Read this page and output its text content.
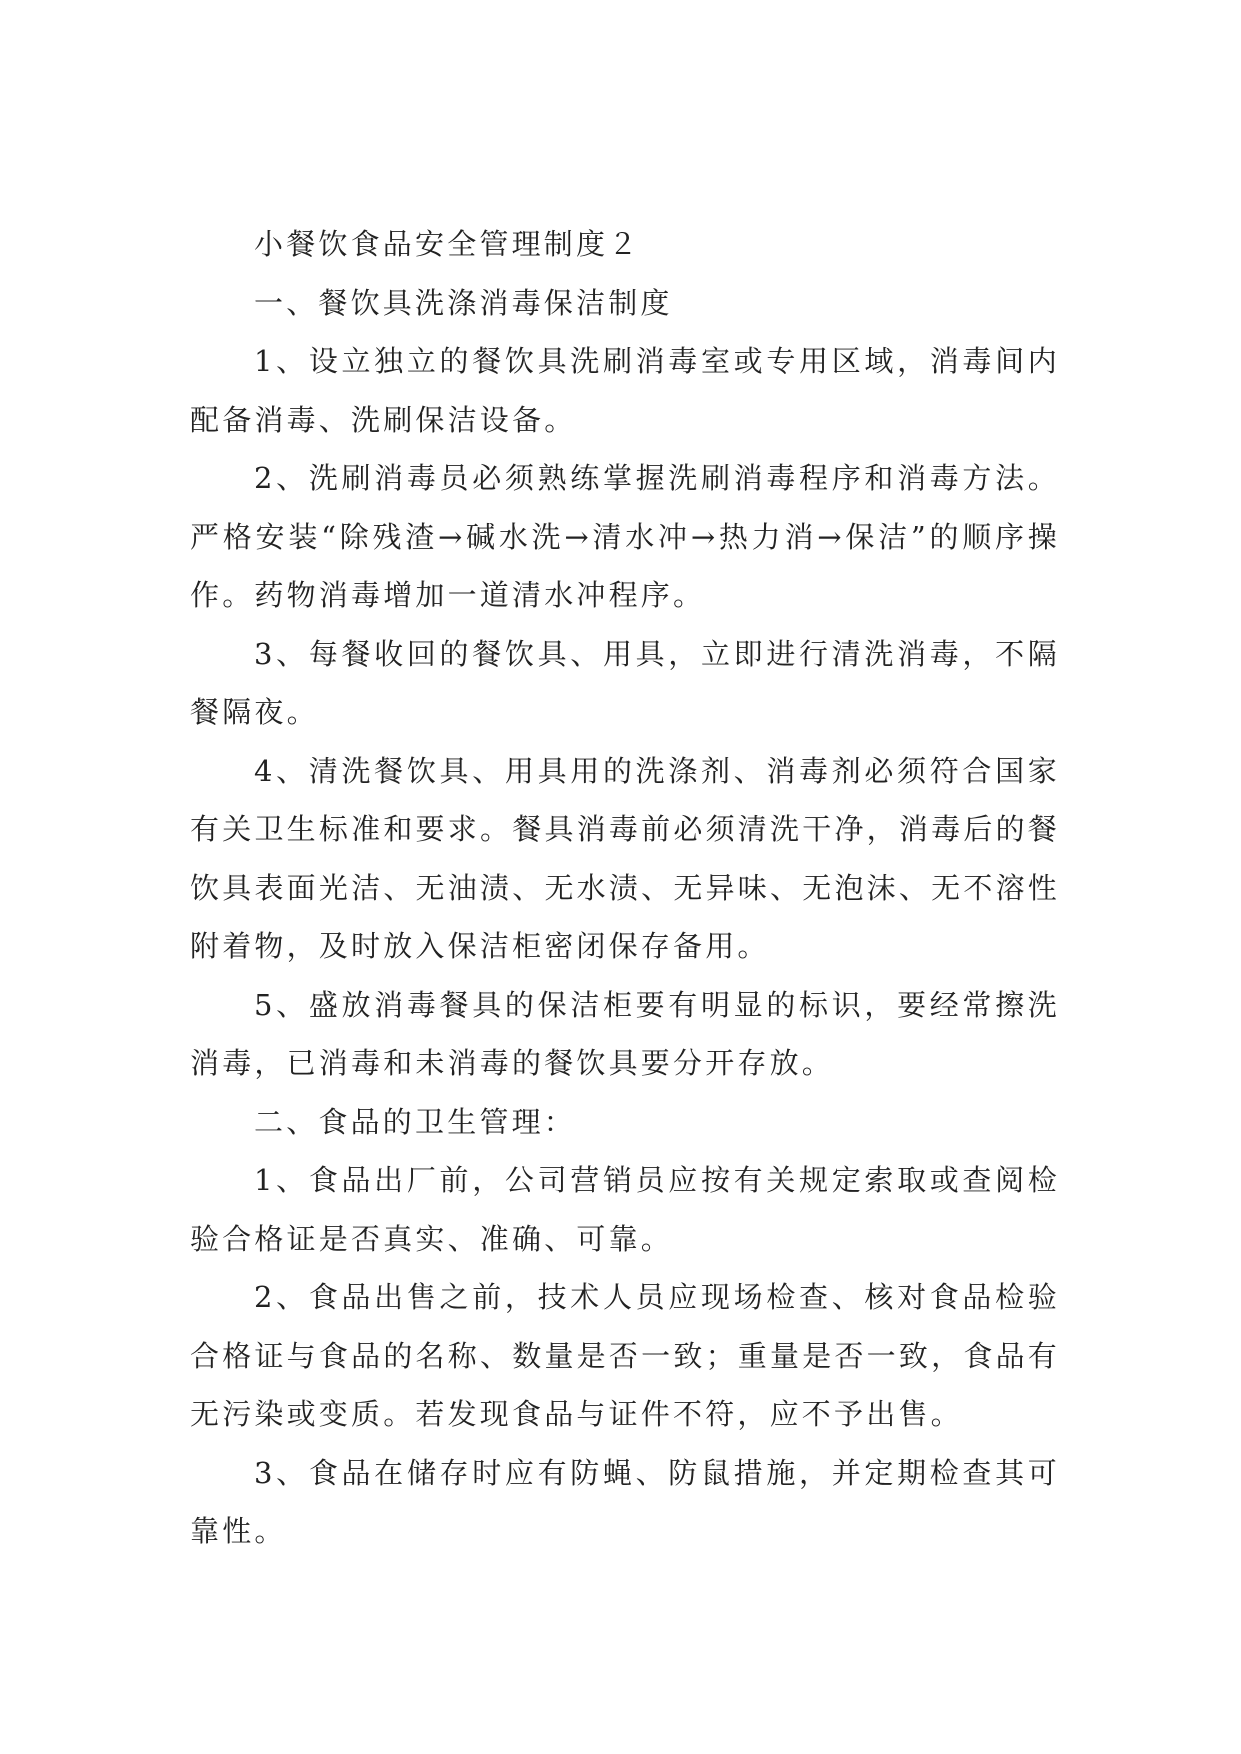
小餐饮食品安全管理制度２

一、餐饮具洗涤消毒保洁制度

1、设立独立的餐饮具洗刷消毒室或专用区域，消毒间内配备消毒、洗刷保洁设备。

2、洗刷消毒员必须熟练掌握洗刷消毒程序和消毒方法。严格安装“除残渣→碱水洗→清水冲→热力消→保洁”的顺序操作。药物消毒增加一道清水冲程序。

3、每餐收回的餐饮具、用具，立即进行清洗消毒，不隔餐隔夜。

4、清洗餐饮具、用具用的洗涤剂、消毒剂必须符合国家有关卫生标准和要求。餐具消毒前必须清洗干净，消毒后的餐饮具表面光洁、无油渍、无水渍、无异味、无泡沫、无不溶性附着物，及时放入保洁柜密闭保存备用。

5、盛放消毒餐具的保洁柜要有明显的标识，要经常擦洗消毒，已消毒和未消毒的餐饮具要分开存放。

二、食品的卫生管理：

1、食品出厂前，公司营销员应按有关规定索取或查阅检验合格证是否真实、准确、可靠。

2、食品出售之前，技术人员应现场检查、核对食品检验合格证与食品的名称、数量是否一致；重量是否一致，食品有无污染或变质。若发现食品与证件不符，应不予出售。

3、食品在储存时应有防蝇、防鼠措施，并定期检查其可靠性。
